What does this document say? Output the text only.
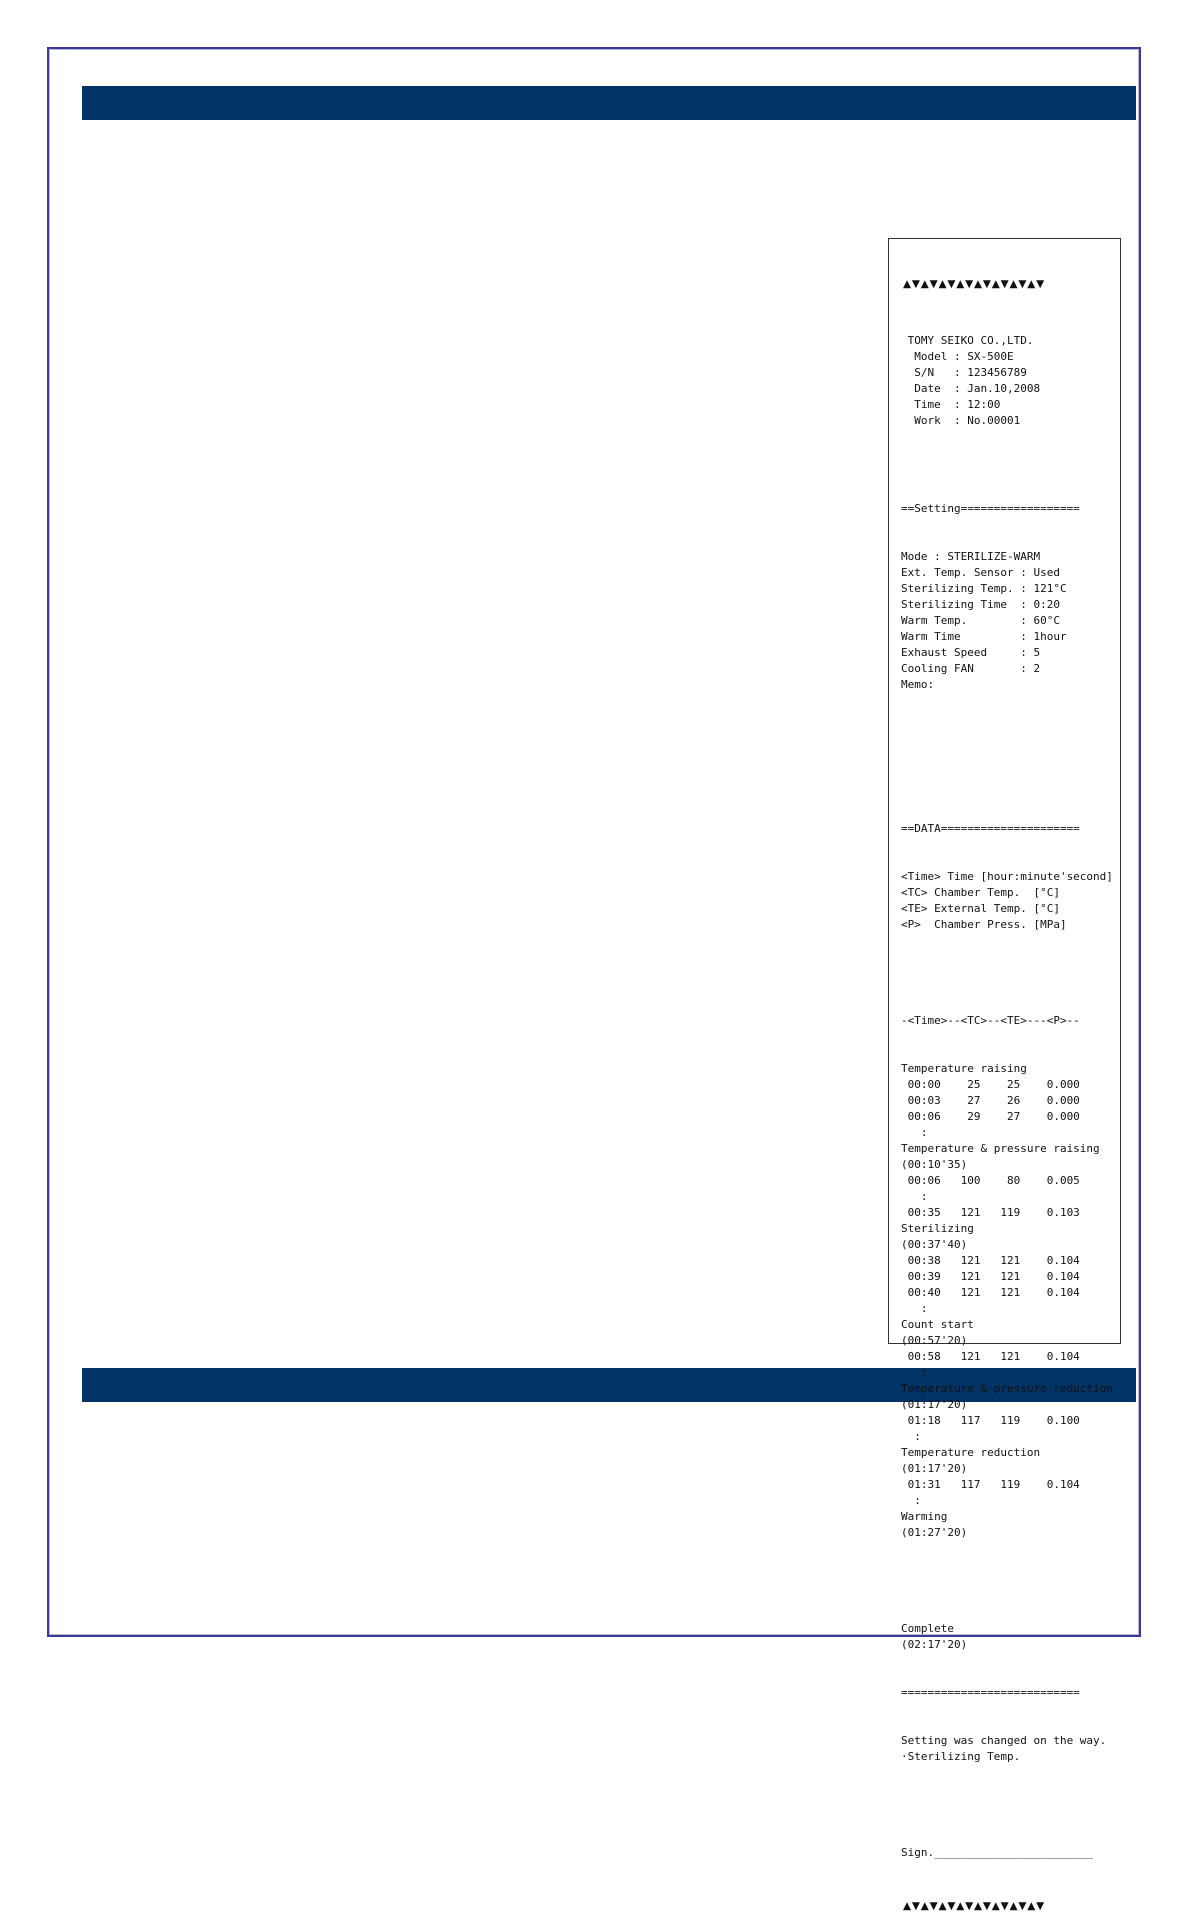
▲▼▲▼▲▼▲▼▲▼▲▼▲▼▲▼

TOMY SEIKO CO.,LTD.
Model : SX-500E
S/N   : 123456789
Date  : Jan.10,2008
Time  : 12:00
Work  : No.00001

==Setting==================

Mode : STERILIZE-WARM
Ext. Temp. Sensor : Used
Sterilizing Temp. : 121°C
Sterilizing Time  : 0:20
Warm Temp.        : 60°C
Warm Time         : 1hour
Exhaust Speed     : 5
Cooling FAN       : 2
Memo:

==DATA=====================

<Time> Time [hour:minute'second]
<TC> Chamber Temp.  [°C]
<TE> External Temp. [°C]
<P>  Chamber Press. [MPa]

-<Time>--<TC>--<TE>---<P>--

Temperature raising
00:00    25    25    0.000
00:03    27    26    0.000
00:06    29    27    0.000
:
Temperature & pressure raising
(00:10'35)
00:06   100    80    0.005
:
00:35   121   119    0.103
Sterilizing
(00:37'40)
00:38   121   121    0.104
00:39   121   121    0.104
00:40   121   121    0.104
:
Count start
(00:57'20)
00:58   121   121    0.104
:
Temperature & pressure reduction
(01:17'20)
01:18   117   119    0.100
:
Temperature reduction
(01:17'20)
01:31   117   119    0.104
:
Warming
(01:27'20)

Complete
(02:17'20)

===========================

Setting was changed on the way.
·Sterilizing Temp.

Sign.________________________

▲▼▲▼▲▼▲▼▲▼▲▼▲▼▲▼
